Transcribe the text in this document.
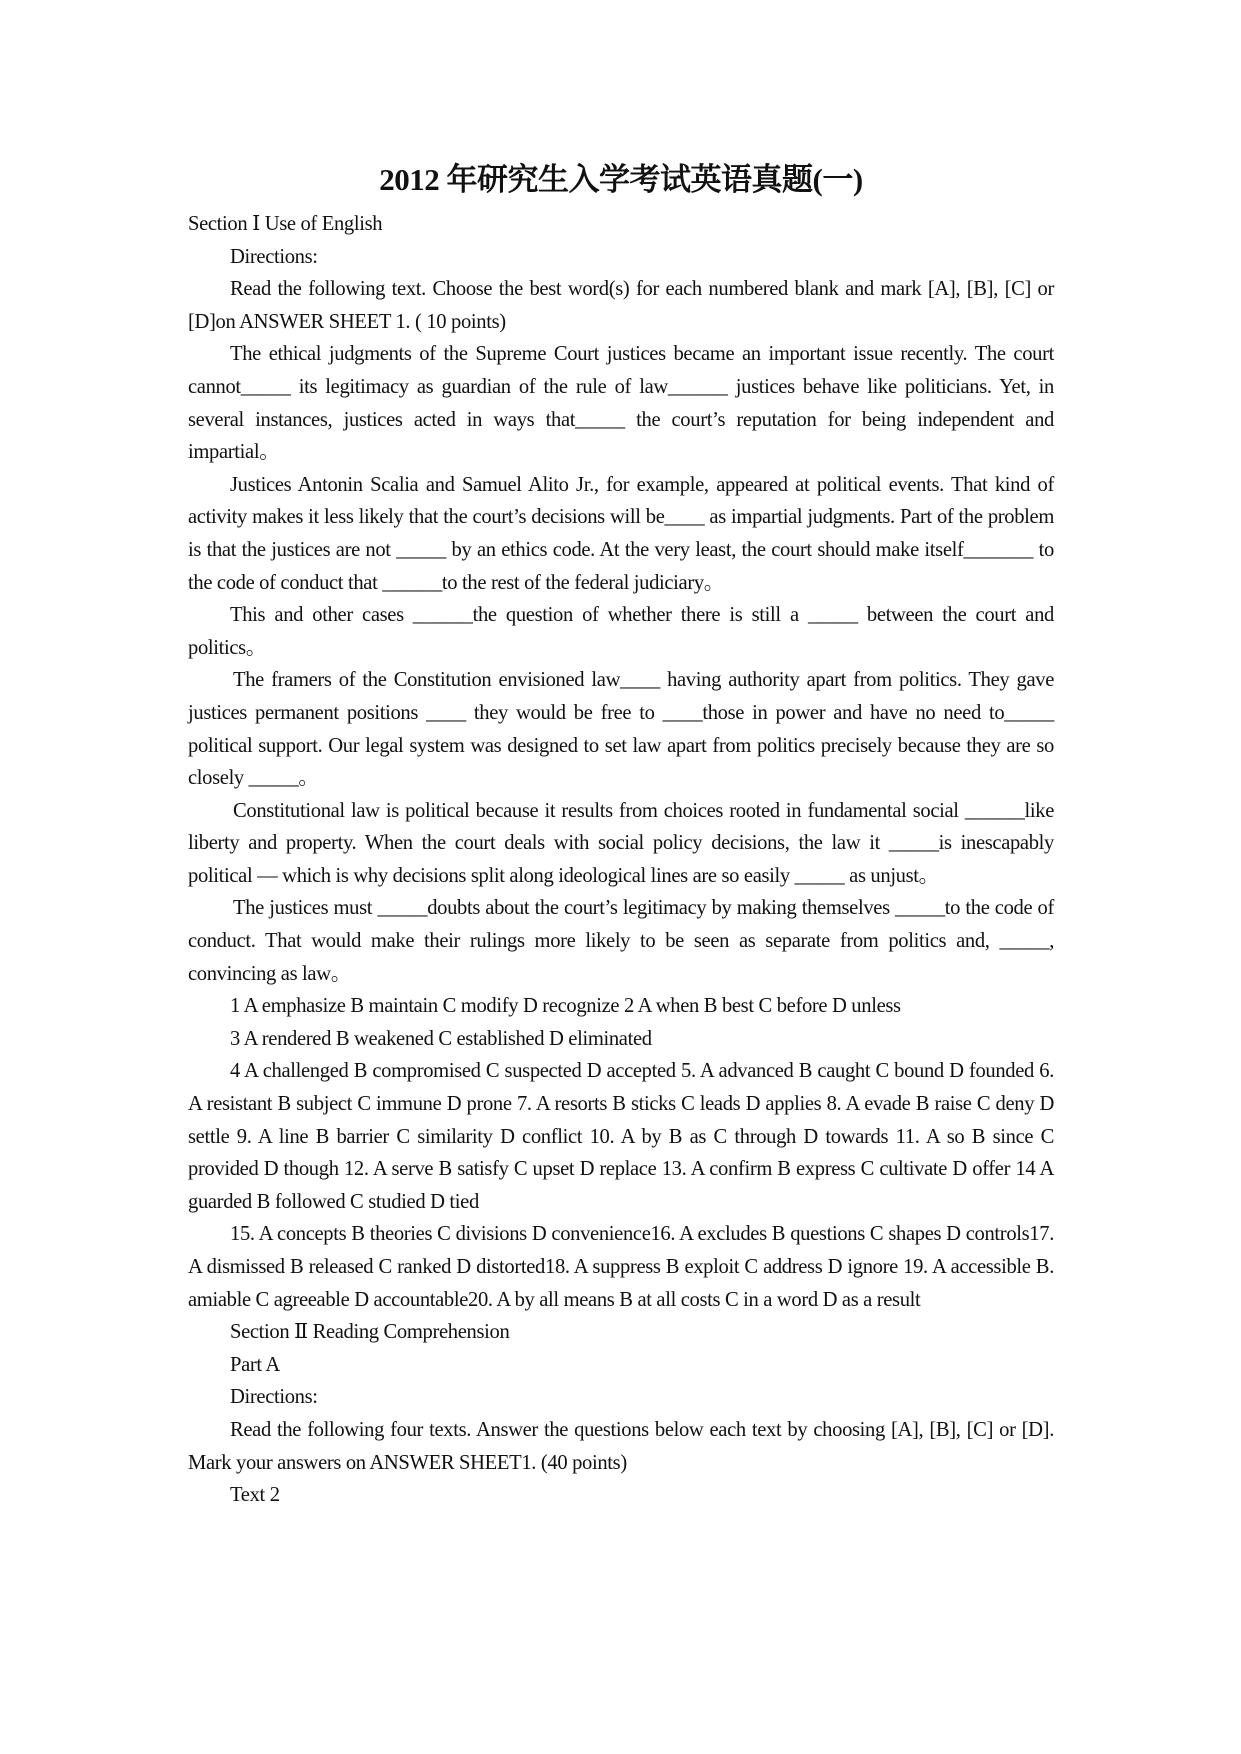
2012 年研究生入学考试英语真题(一)

Section Ⅰ Use of English

Directions:

Read the following text. Choose the best word(s) for each numbered blank and mark [A], [B], [C] or [D]on ANSWER SHEET 1. ( 10 points)

The ethical judgments of the Supreme Court justices became an important issue recently. The court cannot_____ its legitimacy as guardian of the rule of law______ justices behave like politicians. Yet, in several instances, justices acted in ways that_____ the court’s reputation for being independent and impartial。

Justices Antonin Scalia and Samuel Alito Jr., for example, appeared at political events. That kind of activity makes it less likely that the court’s decisions will be____ as impartial judgments. Part of the problem is that the justices are not _____ by an ethics code. At the very least, the court should make itself_______ to the code of conduct that ______to the rest of the federal judiciary。

This and other cases ______the question of whether there is still a _____ between the court and politics。

The framers of the Constitution envisioned law____ having authority apart from politics. They gave justices permanent positions ____ they would be free to ____those in power and have no need to_____ political support. Our legal system was designed to set law apart from politics precisely because they are so closely _____。

Constitutional law is political because it results from choices rooted in fundamental social ______like liberty and property. When the court deals with social policy decisions, the law it _____is inescapably political — which is why decisions split along ideological lines are so easily _____ as unjust。

The justices must _____doubts about the court’s legitimacy by making themselves _____to the code of conduct. That would make their rulings more likely to be seen as separate from politics and, _____, convincing as law。

1 A emphasize B maintain C modify D recognize 2 A when B best C before D unless

3 A rendered B weakened C established D eliminated

4 A challenged B compromised C suspected D accepted 5. A advanced B caught C bound D founded 6. A resistant B subject C immune D prone 7. A resorts B sticks C leads D applies 8. A evade B raise C deny D settle 9. A line B barrier C similarity D conflict 10. A by B as C through D towards 11. A so B since C provided D though 12. A serve B satisfy C upset D replace 13. A confirm B express C cultivate D offer 14 A guarded B followed C studied D tied

15. A concepts B theories C divisions D convenience16. A excludes B questions C shapes D controls17. A dismissed B released C ranked D distorted18. A suppress B exploit C address D ignore 19. A accessible B. amiable C agreeable D accountable20. A by all means B at all costs C in a word D as a result

Section Ⅱ Reading Comprehension

Part A

Directions:

Read the following four texts. Answer the questions below each text by choosing [A], [B], [C] or [D]. Mark your answers on ANSWER SHEET1. (40 points)

Text 2
